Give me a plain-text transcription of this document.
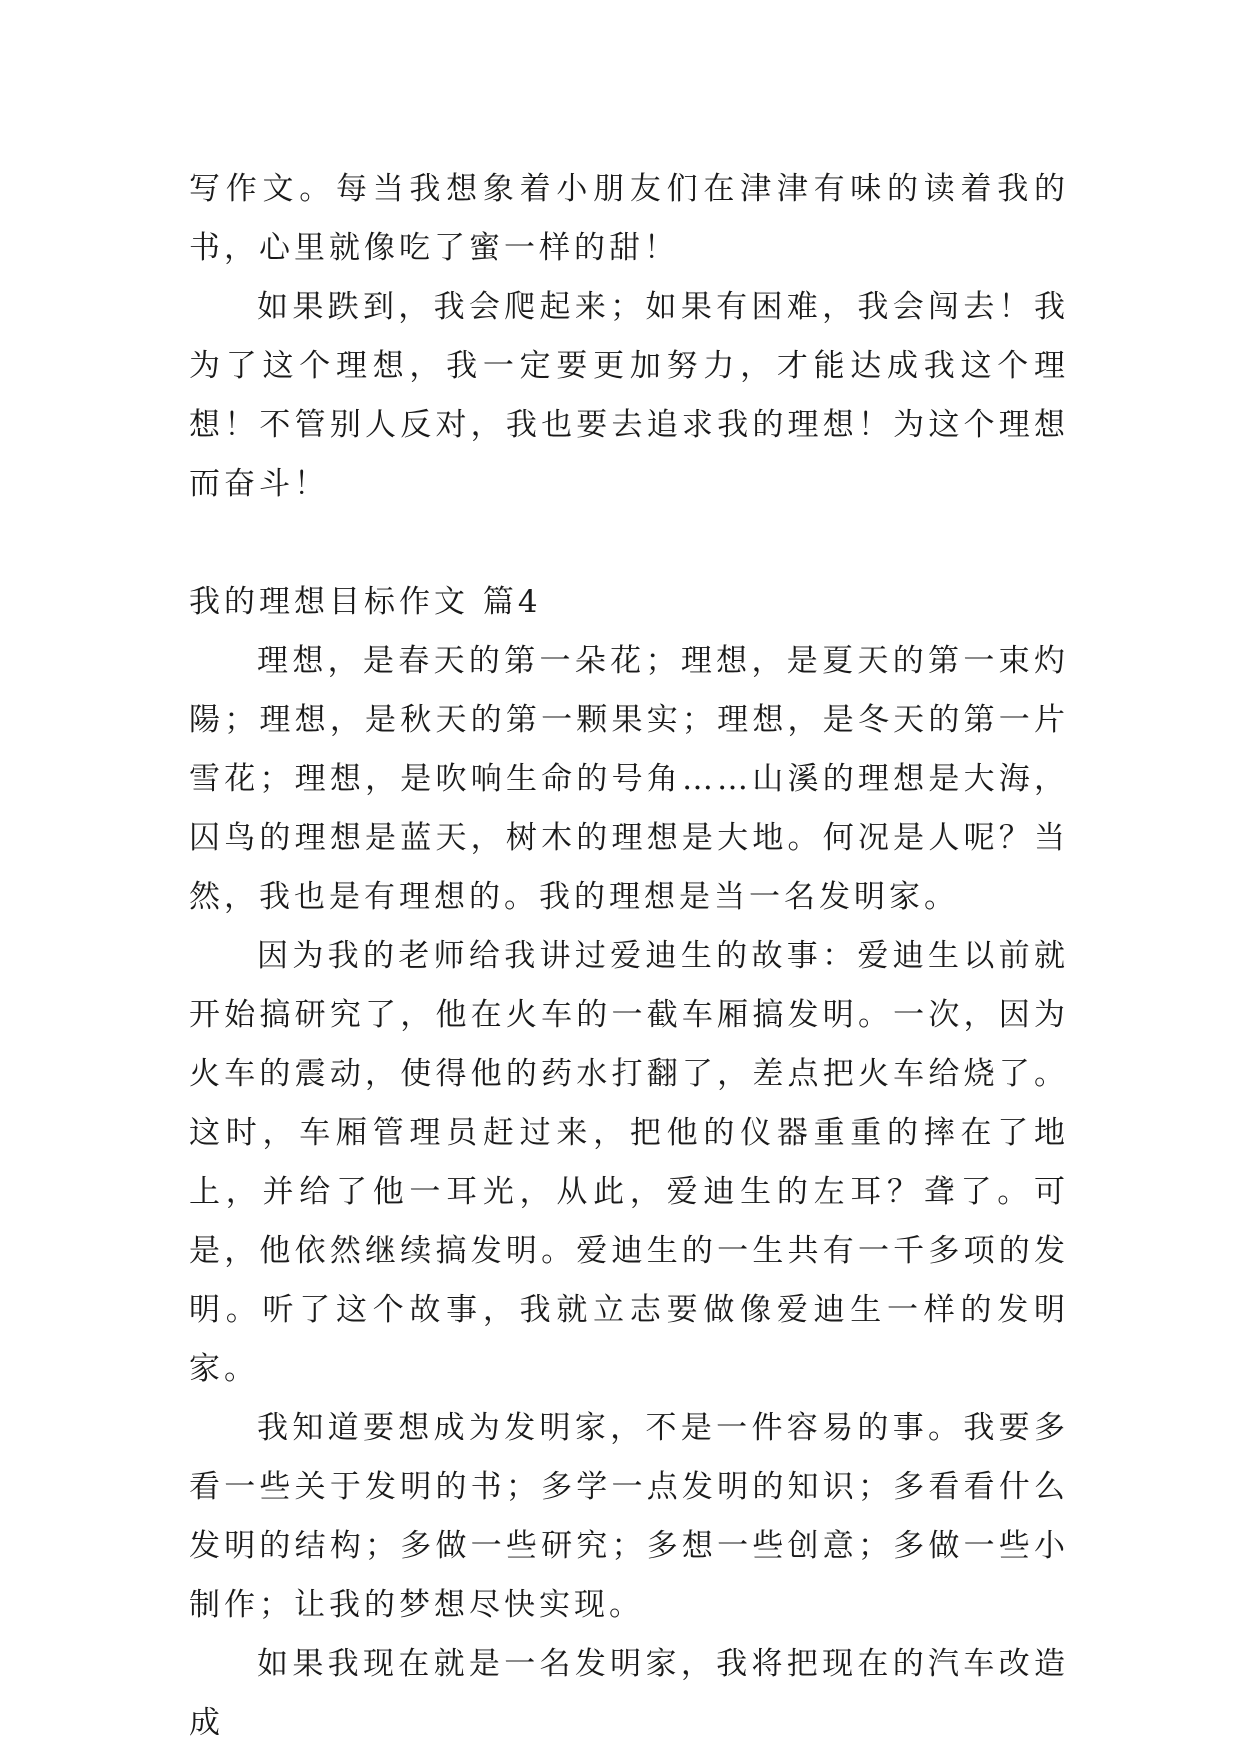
写作文。每当我想象着小朋友们在津津有味的读着我的书，心里就像吃了蜜一样的甜！

如果跌到，我会爬起来；如果有困难，我会闯去！我为了这个理想，我一定要更加努力，才能达成我这个理想！不管别人反对，我也要去追求我的理想！为这个理想而奋斗！

我的理想目标作文 篇4

理想，是春天的第一朵花；理想，是夏天的第一束灼陽；理想，是秋天的第一颗果实；理想，是冬天的第一片雪花；理想，是吹响生命的号角……山溪的理想是大海，囚鸟的理想是蓝天，树木的理想是大地。何况是人呢？当然，我也是有理想的。我的理想是当一名发明家。

因为我的老师给我讲过爱迪生的故事：爱迪生以前就开始搞研究了，他在火车的一截车厢搞发明。一次，因为火车的震动，使得他的药水打翻了，差点把火车给烧了。这时，车厢管理员赶过来，把他的仪器重重的摔在了地上，并给了他一耳光，从此，爱迪生的左耳？聋了。可是，他依然继续搞发明。爱迪生的一生共有一千多项的发明。听了这个故事，我就立志要做像爱迪生一样的发明家。

我知道要想成为发明家，不是一件容易的事。我要多看一些关于发明的书；多学一点发明的知识；多看看什么发明的结构；多做一些研究；多想一些创意；多做一些小制作；让我的梦想尽快实现。

如果我现在就是一名发明家，我将把现在的汽车改造成
